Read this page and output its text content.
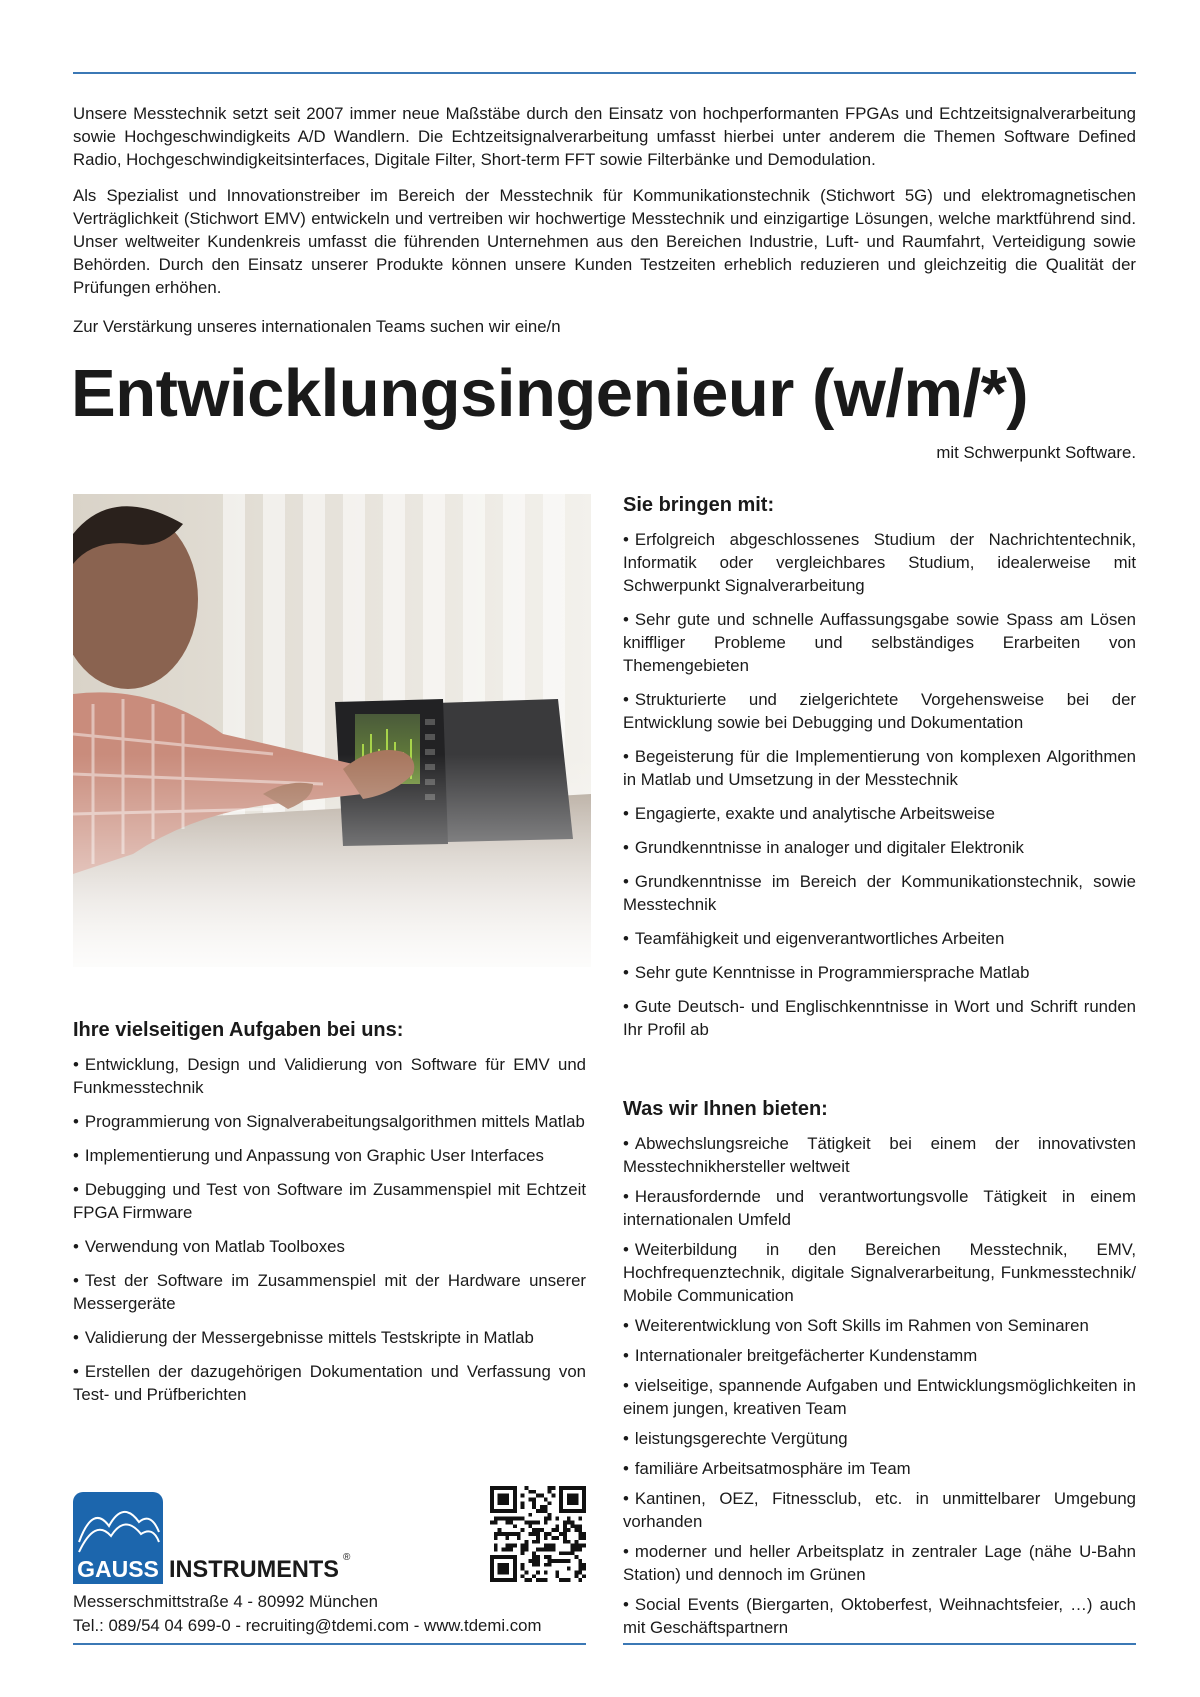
Unsere Messtechnik setzt seit 2007 immer neue Maßstäbe durch den Einsatz von hochperformanten FPGAs und Echtzeitsignalverarbeitung sowie Hochgeschwindigkeits A/D Wandlern. Die Echtzeitsignalverarbeitung umfasst hierbei unter anderem die Themen Software Defined Radio, Hochgeschwindigkeitsinterfaces, Digitale Filter, Short-term FFT sowie Filterbänke und Demodulation.

Als Spezialist und Innovationstreiber im Bereich der Messtechnik für Kommunikationstechnik (Stichwort 5G) und elektromagnetischen Verträglichkeit (Stichwort EMV) entwickeln und vertreiben wir hochwertige Messtechnik und einzigartige Lösungen, welche marktführend sind. Unser weltweiter Kundenkreis umfasst die führenden Unternehmen aus den Bereichen Industrie, Luft- und Raumfahrt, Verteidigung sowie Behörden. Durch den Einsatz unserer Produkte können unsere Kunden Testzeiten erheblich reduzieren und gleichzeitig die Qualität der Prüfungen erhöhen.

Zur Verstärkung unseres internationalen Teams suchen wir eine/n

Entwicklungsingenieur (w/m/*)
mit Schwerpunkt Software.
Ihre vielseitigen Aufgaben bei uns:
• Entwicklung, Design und Validierung von Software für EMV und Funkmesstechnik
• Programmierung von Signalverabeitungsalgorithmen mittels Matlab
• Implementierung und Anpassung von Graphic User Interfaces
• Debugging und Test von Software im Zusammenspiel mit Echtzeit FPGA Firmware
• Verwendung von Matlab Toolboxes
• Test der Software im Zusammenspiel mit der Hardware unserer Messergeräte
• Validierung der Messergebnisse mittels Testskripte in Matlab
• Erstellen der dazugehörigen Dokumentation und Verfassung von Test- und Prüfberichten
Sie bringen mit:
• Erfolgreich abgeschlossenes Studium der Nachrichtentechnik, Informatik oder vergleichbares Studium, idealerweise mit Schwerpunkt Signalverarbeitung
• Sehr gute und schnelle Auffassungsgabe sowie Spass am Lösen kniffliger Probleme und selbständiges Erarbeiten von Themengebieten
• Strukturierte und zielgerichtete Vorgehensweise bei der Entwicklung sowie bei Debugging und Dokumentation
• Begeisterung für die Implementierung von komplexen Algorithmen in Matlab und Umsetzung in der Messtechnik
• Engagierte, exakte und analytische Arbeitsweise
• Grundkenntnisse in analoger und digitaler Elektronik
• Grundkenntnisse im Bereich der Kommunikationstechnik, sowie Messtechnik
• Teamfähigkeit und eigenverantwortliches Arbeiten
• Sehr gute Kenntnisse in Programmiersprache Matlab
• Gute Deutsch- und Englischkenntnisse in Wort und Schrift runden Ihr Profil ab
Was wir Ihnen bieten:
• Abwechslungsreiche Tätigkeit bei einem der innovativsten Messtechnikhersteller weltweit
• Herausfordernde und verantwortungsvolle Tätigkeit in einem internationalen Umfeld
• Weiterbildung in den Bereichen Messtechnik, EMV, Hochfrequenztechnik, digitale Signalverarbeitung, Funkmesstechnik/ Mobile Communication
• Weiterentwicklung von Soft Skills im Rahmen von Seminaren
• Internationaler breitgefächerter Kundenstamm
• vielseitige, spannende Aufgaben und Entwicklungsmöglichkeiten in einem jungen, kreativen Team
• leistungsgerechte Vergütung
• familiäre Arbeitsatmosphäre im Team
• Kantinen, OEZ, Fitnessclub, etc. in unmittelbarer Umgebung vorhanden
• moderner und heller Arbeitsplatz in zentraler Lage (nähe U-Bahn Station) und dennoch im Grünen
• Social Events (Biergarten, Oktoberfest, Weihnachtsfeier, …) auch mit Geschäftspartnern
GAUSS INSTRUMENTS ®
Messerschmittstraße 4 - 80992 München
Tel.: 089/54 04 699-0 - recruiting@tdemi.com - www.tdemi.com
